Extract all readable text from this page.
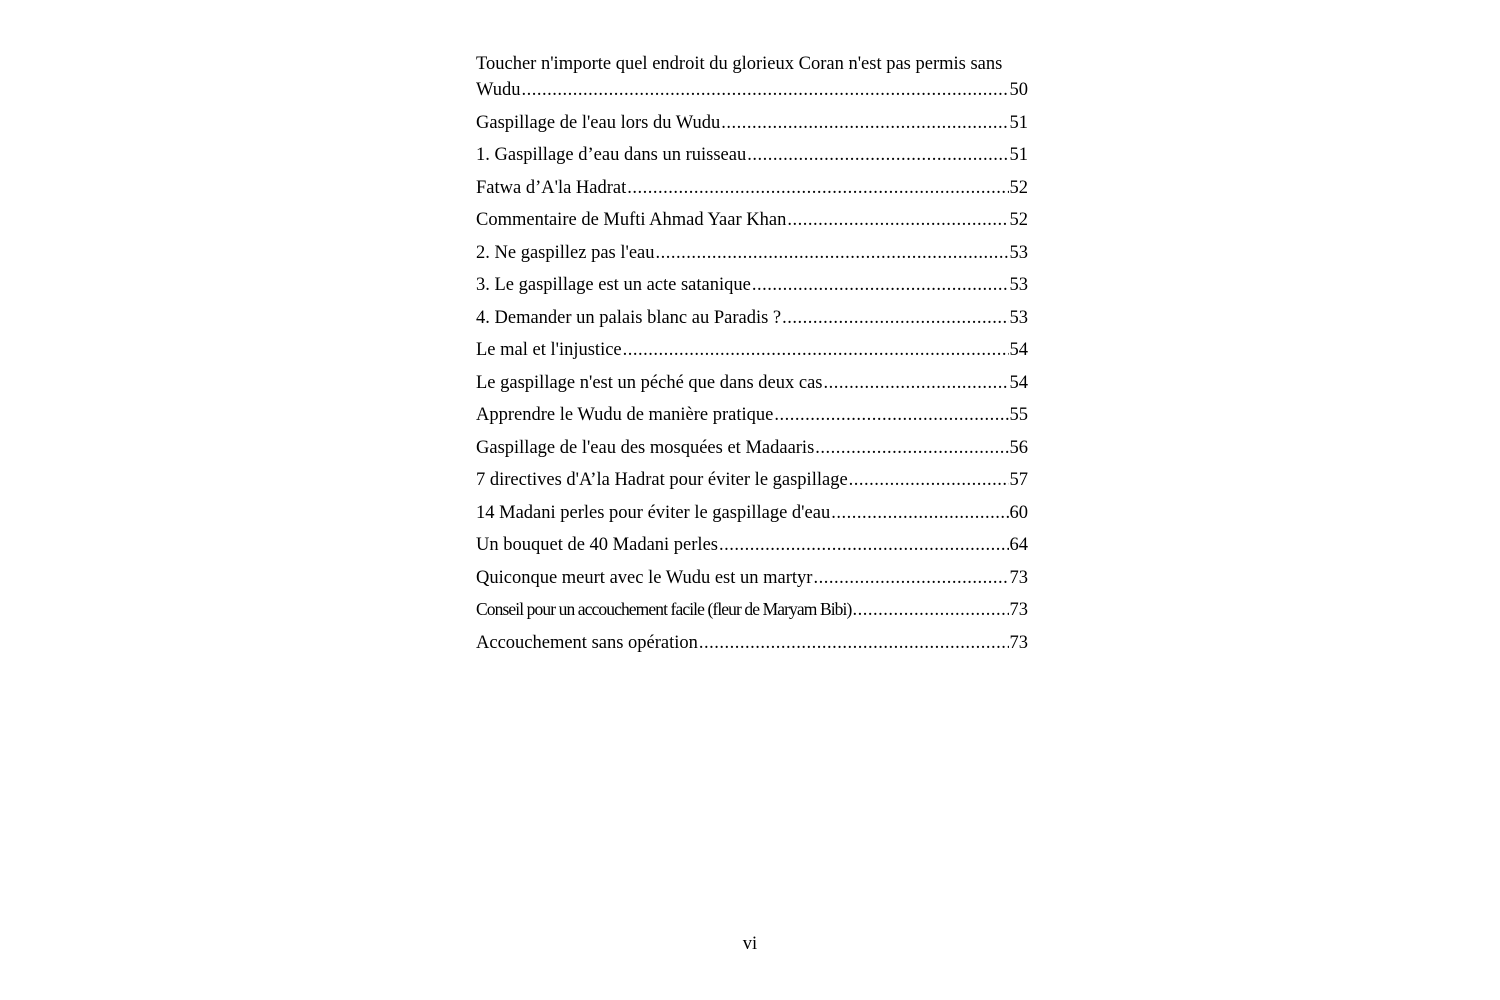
Toucher n'importe quel endroit du glorieux Coran n'est pas permis sans
Wudu .....	50
Gaspillage de l'eau lors du Wudu .....	51
1. Gaspillage d’eau dans un ruisseau .....	51
Fatwa d’A'la Hadrat .....	52
Commentaire de Mufti Ahmad Yaar Khan .....	52
2. Ne gaspillez pas l'eau .....	53
3. Le gaspillage est un acte satanique .....	53
4. Demander un palais blanc au Paradis ? .....	53
Le mal et l'injustice .....	54
Le gaspillage n'est un péché que dans deux cas .....	54
Apprendre le Wudu de manière pratique .....	55
Gaspillage de l'eau des mosquées et Madaaris .....	56
7 directives d'A’la Hadrat pour éviter le gaspillage .....	57
14 Madani perles pour éviter le gaspillage d'eau .....	60
Un bouquet de 40 Madani perles .....	64
Quiconque meurt avec le Wudu est un martyr .....	73
Conseil pour un accouchement facile (fleur de Maryam Bibi) .....	73
Accouchement sans opération .....	73
vi
